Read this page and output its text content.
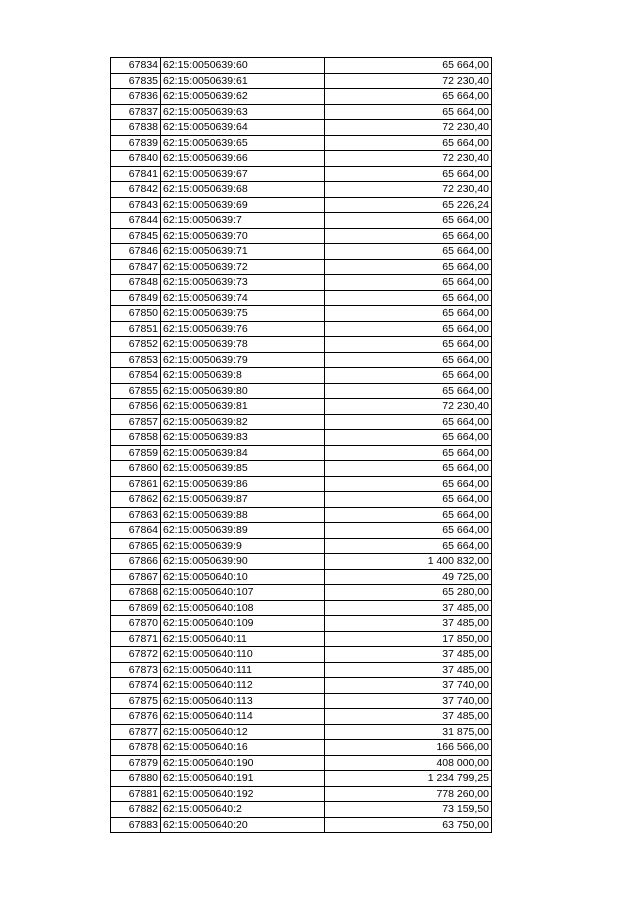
67834	62:15:0050639:60	65 664,00
67835	62:15:0050639:61	72 230,40
67836	62:15:0050639:62	65 664,00
67837	62:15:0050639:63	65 664,00
67838	62:15:0050639:64	72 230,40
67839	62:15:0050639:65	65 664,00
67840	62:15:0050639:66	72 230,40
67841	62:15:0050639:67	65 664,00
67842	62:15:0050639:68	72 230,40
67843	62:15:0050639:69	65 226,24
67844	62:15:0050639:7	65 664,00
67845	62:15:0050639:70	65 664,00
67846	62:15:0050639:71	65 664,00
67847	62:15:0050639:72	65 664,00
67848	62:15:0050639:73	65 664,00
67849	62:15:0050639:74	65 664,00
67850	62:15:0050639:75	65 664,00
67851	62:15:0050639:76	65 664,00
67852	62:15:0050639:78	65 664,00
67853	62:15:0050639:79	65 664,00
67854	62:15:0050639:8	65 664,00
67855	62:15:0050639:80	65 664,00
67856	62:15:0050639:81	72 230,40
67857	62:15:0050639:82	65 664,00
67858	62:15:0050639:83	65 664,00
67859	62:15:0050639:84	65 664,00
67860	62:15:0050639:85	65 664,00
67861	62:15:0050639:86	65 664,00
67862	62:15:0050639:87	65 664,00
67863	62:15:0050639:88	65 664,00
67864	62:15:0050639:89	65 664,00
67865	62:15:0050639:9	65 664,00
67866	62:15:0050639:90	1 400 832,00
67867	62:15:0050640:10	49 725,00
67868	62:15:0050640:107	65 280,00
67869	62:15:0050640:108	37 485,00
67870	62:15:0050640:109	37 485,00
67871	62:15:0050640:11	17 850,00
67872	62:15:0050640:110	37 485,00
67873	62:15:0050640:111	37 485,00
67874	62:15:0050640:112	37 740,00
67875	62:15:0050640:113	37 740,00
67876	62:15:0050640:114	37 485,00
67877	62:15:0050640:12	31 875,00
67878	62:15:0050640:16	166 566,00
67879	62:15:0050640:190	408 000,00
67880	62:15:0050640:191	1 234 799,25
67881	62:15:0050640:192	778 260,00
67882	62:15:0050640:2	73 159,50
67883	62:15:0050640:20	63 750,00
